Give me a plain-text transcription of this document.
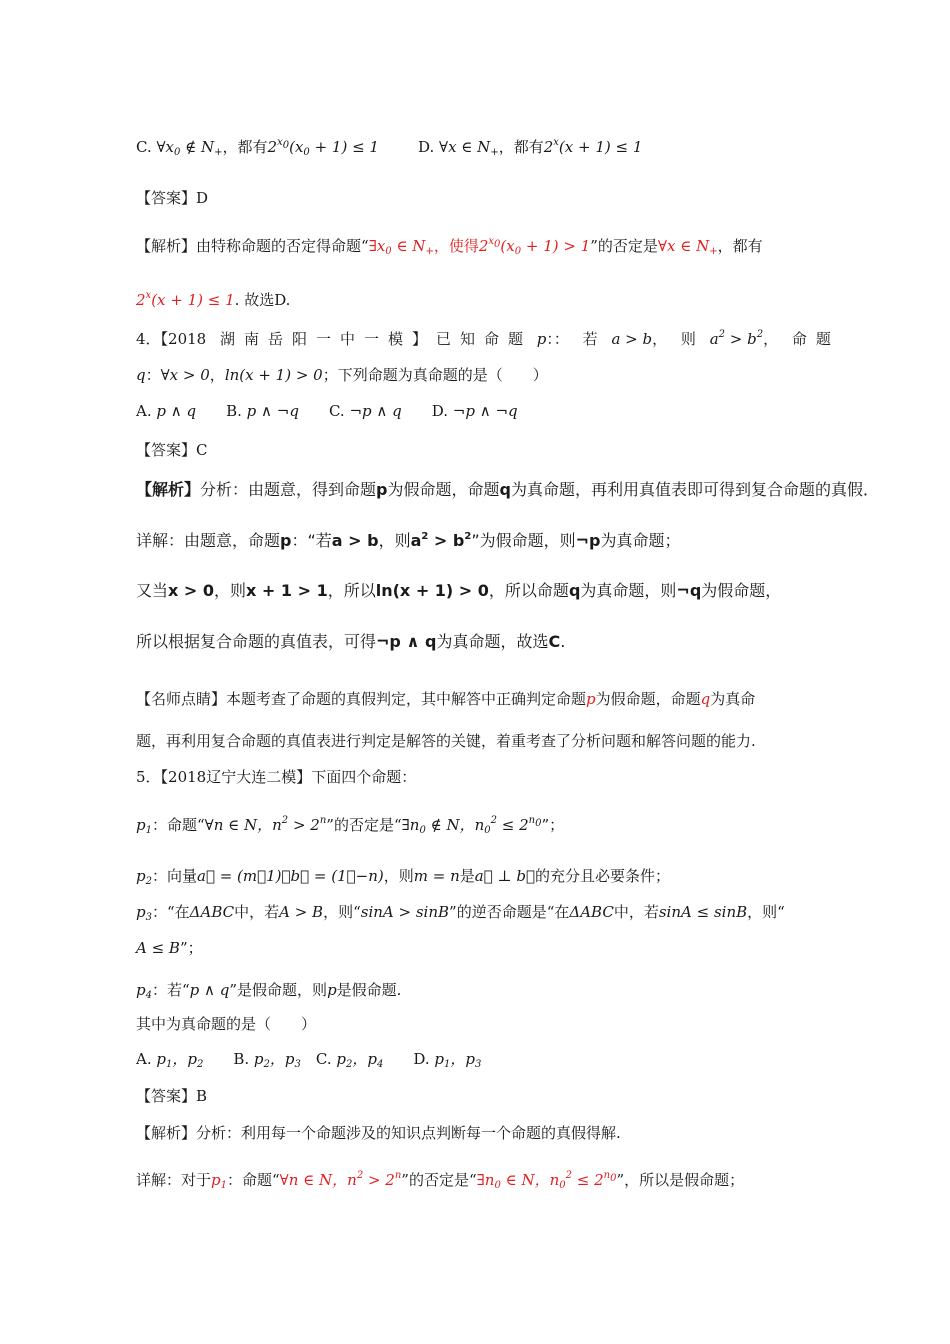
C. $\forall x_0$ ∉ $N_+$，都有$2^{x_0}(x_0 + 1) \le 1$	D. ∀x ∈ $N_+$，都有$2^x(x + 1) \le 1$
【答案】D
【解析】由特称命题的否定得命题“$\exists x_0$ ∈ $N_+$，使得$2^{x_0}(x_0 + 1) > 1$”的否定是∀x ∈ $N_+$，都有
$2^x(x + 1) \le 1$. 故选D.
4．【2018 湖南岳阳一中一模】已知命题 p：： 若 a > b， 则 $a^2 > b^2$， 命题
q：∀x > 0，ln(x + 1) > 0；下列命题为真命题的是（　　）
A. p ∧ q　　B. p ∧ ¬q　　C. ¬p ∧ q　　D. ¬p ∧ ¬q
【答案】C
【解析】分析：由题意，得到命题p为假命题，命题q为真命题，再利用真值表即可得到复合命题的真假．
详解：由题意，命题p：“若a > b，则$a^2 > b^2$”为假命题，则¬p为真命题；
又当x > 0，则x + 1 > 1，所以ln(x + 1) > 0，所以命题q为真命题，则¬q为假命题，
所以根据复合命题的真值表，可得¬p ∧ q为真命题，故选C.
【名师点睛】本题考查了命题的真假判定，其中解答中正确判定命题p为假命题，命题q为真命
题，再利用复合命题的真值表进行判定是解答的关键，着重考查了分析问题和解答问题的能力.
5．【2018辽宁大连二模】下面四个命题：
$p_1$：命题“∀n ∈ N，$n^2 > 2^n$”的否定是“$\exists n_0$ ∉ N，$n_0^2 \le 2^{n_0}$”；
$p_2$：向量a⃗ = (m，1)，b⃗ = (1，−n)，则m = n是a⃗ ⊥ b⃗的充分且必要条件；
$p_3$：“在ΔABC中，若A > B，则“sinA > sinB”的逆否命题是“在ΔABC中，若sinA ≤ sinB，则“
A ≤ B”；
$p_4$：若“p ∧ q”是假命题，则p是假命题.
其中为真命题的是（　　）
A. $p_1$，$p_2$　　B. $p_2$，$p_3$　C. $p_2$，$p_4$　　D. $p_1$，$p_3$
【答案】B
【解析】分析：利用每一个命题涉及的知识点判断每一个命题的真假得解.
详解：对于$p_1$：命题“∀n ∈ N，$n^2 > 2^n$”的否定是“$\exists n_0$ ∈ N，$n_0^2 \le 2^{n_0}$”，所以是假命题；
